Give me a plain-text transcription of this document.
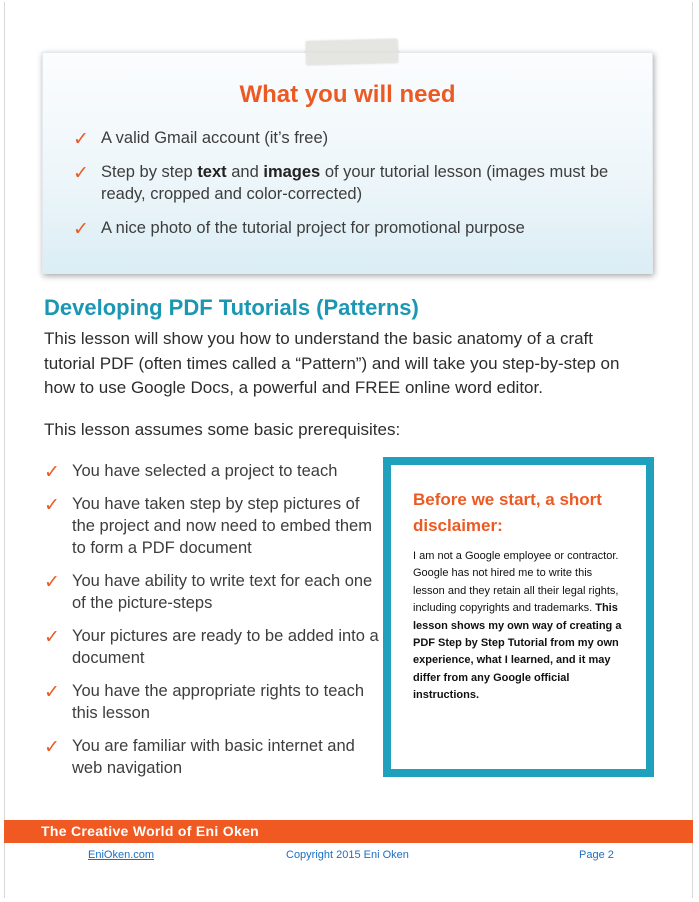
What you will need
✓ A valid Gmail account (it’s free)
✓ Step by step text and images of your tutorial lesson (images must be ready, cropped and color-corrected)
✓ A nice photo of the tutorial project for promotional purpose
Developing PDF Tutorials (Patterns)

This lesson will show you how to understand the basic anatomy of a craft tutorial PDF (often times called a “Pattern”) and will take you step-by-step on how to use Google Docs, a powerful and FREE online word editor.

This lesson assumes some basic prerequisites:

✓ You have selected a project to teach
✓ You have taken step by step pictures of the project and now need to embed them to form a PDF document
✓ You have ability to write text for each one of the picture-steps
✓ Your pictures are ready to be added into a document
✓ You have the appropriate rights to teach this lesson
✓ You are familiar with basic internet and web navigation
Before we start, a short disclaimer:

I am not a Google employee or contractor. Google has not hired me to write this lesson and they retain all their legal rights, including copyrights and trademarks. This lesson shows my own way of creating a PDF Step by Step Tutorial from my own experience, what I learned, and it may differ from any Google official instructions.

The Creative World of Eni Oken

EniOken.com	Copyright 2015 Eni Oken	Page 2
